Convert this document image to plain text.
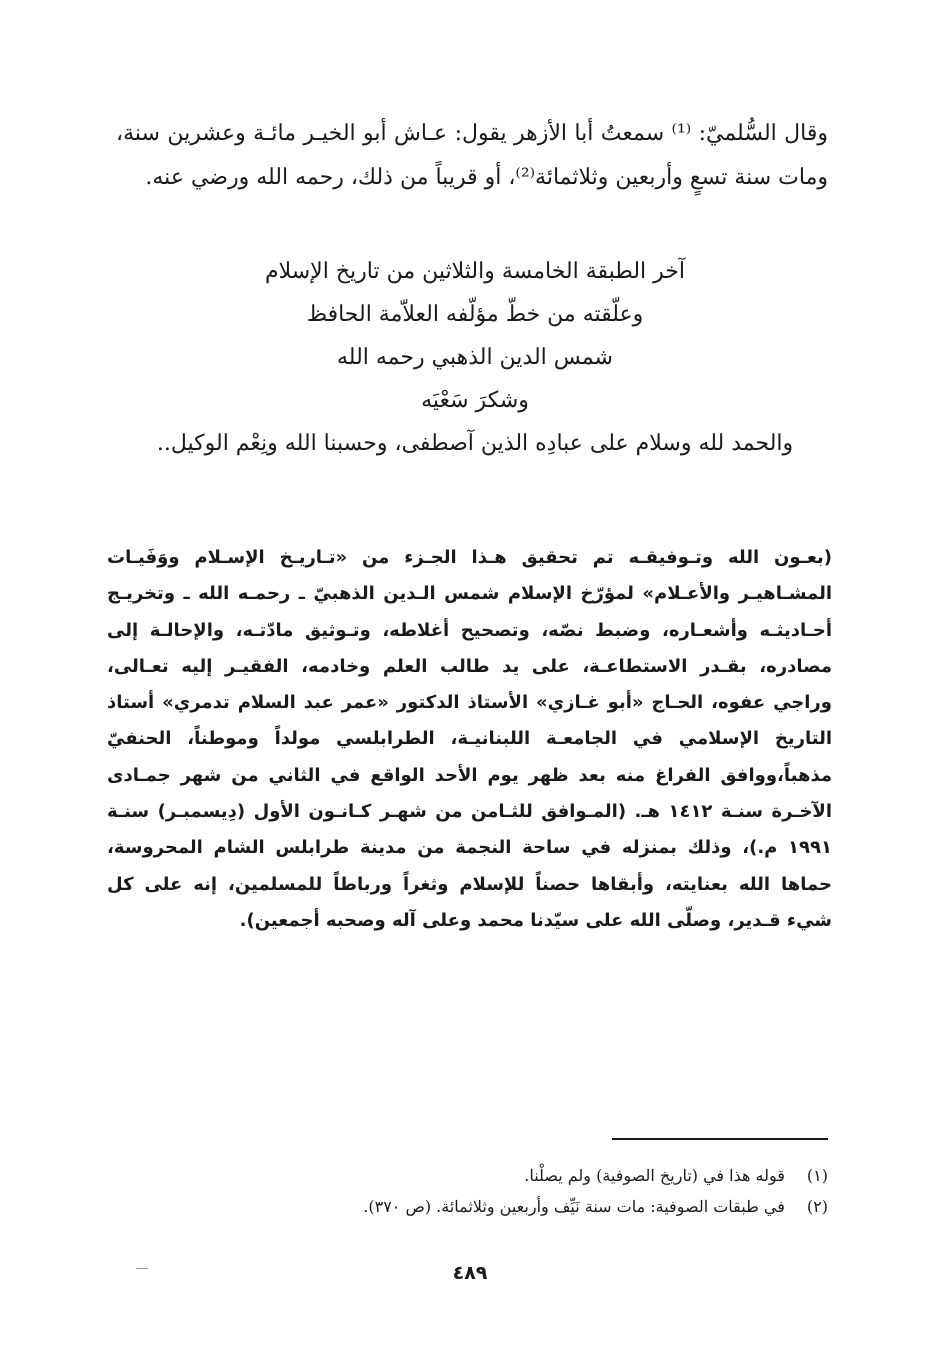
وقال السُّلميّ: ⁽¹⁾ سمعتُ أبا الأزهر يقول: عـاش أبو الخيـر مائـة وعشرين سنة، ومات سنة تسعٍ وأربعين وثلاثمائة⁽²⁾، أو قريباً من ذلك، رحمه الله ورضي عنه.

آخر الطبقة الخامسة والثلاثين من تاريخ الإسلام
وعلّقته من خطّ مؤلّفه العلاّمة الحافظ
شمس الدين الذهبي رحمه الله
وشكرَ سَعْيَه
والحمد لله وسلام على عبادِه الذين آصطفى، وحسبنا الله ونِعْم الوكيل..

(بعـون الله وتـوفيقـه تم تحقيق هـذا الجـزء من «تـاريـخ الإسـلام ووَفَيـات المشـاهيـر والأعـلام» لمؤرّخ الإسلام شمس الـدين الذهبيّ ـ رحمـه الله ـ وتخريـج أحـاديثـه وأشعـاره، وضبط نصّه، وتصحيح أغلاطه، وتـوثيق مادّتـه، والإحالـة إلى مصادره، بقـدر الاستطاعـة، على يد طالب العلم وخادمه، الفقيـر إليه تعـالى، وراجي عفوه، الحـاج «أبو غـازي» الأستاذ الدكتور «عمر عبد السلام تدمري» أستاذ التاريخ الإسلامي في الجامعـة اللبنانيـة، الطرابلسي مولداً وموطناً، الحنفيّ مذهباً،ووافق الفراغ منه بعد ظهر يوم الأحد الواقع في الثاني من شهر جمـادى الآخـرة سنـة ١٤١٢ هـ. (المـوافق للثـامن من شهـر كـانـون الأول (دِيسمبـر) سنـة ١٩٩١ م.)، وذلك بمنزله في ساحة النجمة من مدينة طرابلس الشام المحروسة، حماها الله بعنايته، وأبقاها حصناً للإسلام وثغراً ورباطاً للمسلمين، إنه على كل شيء قـدير، وصلّى الله على سيّدنا محمد وعلى آله وصحبه أجمعين).

(١) قوله هذا في (تاريخ الصوفية) ولم يصلْنا.
(٢) في طبقات الصوفية: مات سنة نَيِّف وأربعين وثلاثمائة. (ص ٣٧٠).
٤٨٩
